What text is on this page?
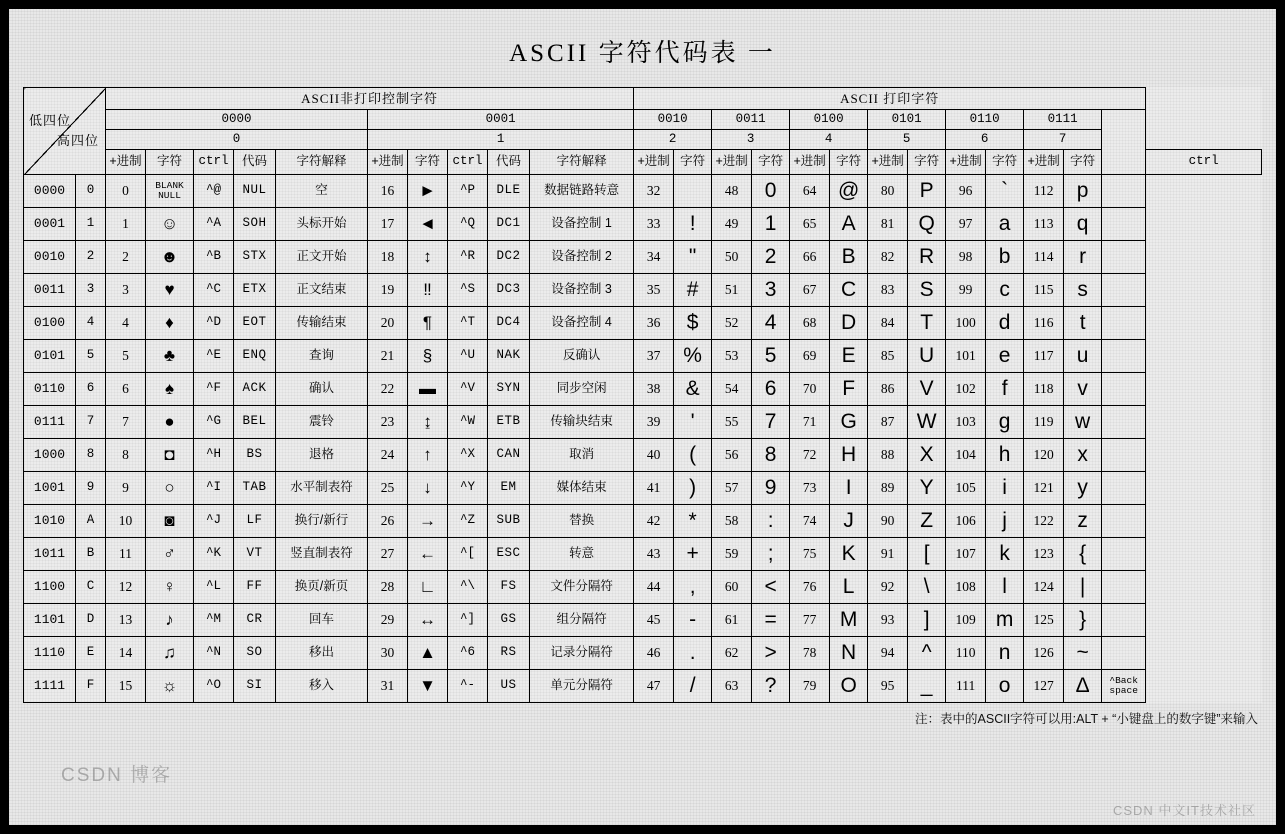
ASCII 字符代码表 一
高四位
低四位		ASCII非打印控制字符										ASCII 打印字符													
		0000					0001					0010		0011		0100		0101		0110		0111			
		0					1					2		3		4		5		6		7			
		+进制	字符	ctrl	代码	字符解释	+进制	字符	ctrl	代码	字符解释	+进制	字符	+进制	字符	+进制	字符	+进制	字符	+进制	字符	+进制	字符		ctrl
0000	0	0	BLANK
NULL	^@	NUL	空	16	►	^P	DLE	数据链路转意	32		48	0	64	@	80	P	96	`	112	p		
0001	1	1	☺	^A	SOH	头标开始	17	◄	^Q	DC1	设备控制 1	33	!	49	1	65	A	81	Q	97	a	113	q		
0010	2	2	☻	^B	STX	正文开始	18	↕	^R	DC2	设备控制 2	34	"	50	2	66	B	82	R	98	b	114	r		
0011	3	3	♥	^C	ETX	正文结束	19	‼	^S	DC3	设备控制 3	35	#	51	3	67	C	83	S	99	c	115	s		
0100	4	4	♦	^D	EOT	传输结束	20	¶	^T	DC4	设备控制 4	36	$	52	4	68	D	84	T	100	d	116	t		
0101	5	5	♣	^E	ENQ	查询	21	§	^U	NAK	反确认	37	%	53	5	69	E	85	U	101	e	117	u		
0110	6	6	♠	^F	ACK	确认	22	▬	^V	SYN	同步空闲	38	&	54	6	70	F	86	V	102	f	118	v		
0111	7	7	●	^G	BEL	震铃	23	↨	^W	ETB	传输块结束	39	'	55	7	71	G	87	W	103	g	119	w		
1000	8	8	◘	^H	BS	退格	24	↑	^X	CAN	取消	40	(	56	8	72	H	88	X	104	h	120	x		
1001	9	9	○	^I	TAB	水平制表符	25	↓	^Y	EM	媒体结束	41	)	57	9	73	I	89	Y	105	i	121	y		
1010	A	10	◙	^J	LF	换行/新行	26	→	^Z	SUB	替换	42	*	58	:	74	J	90	Z	106	j	122	z		
1011	B	11	♂	^K	VT	竖直制表符	27	←	^[	ESC	转意	43	+	59	;	75	K	91	[	107	k	123	{		
1100	C	12	♀	^L	FF	换页/新页	28	∟	^\	FS	文件分隔符	44	,	60	<	76	L	92	\	108	l	124	|		
1101	D	13	♪	^M	CR	回车	29	↔	^]	GS	组分隔符	45	-	61	=	77	M	93	]	109	m	125	}		
1110	E	14	♫	^N	SO	移出	30	▲	^6	RS	记录分隔符	46	.	62	>	78	N	94	^	110	n	126	~		
1111	F	15	☼	^O	SI	移入	31	▼	^-	US	单元分隔符	47	/	63	?	79	O	95	_	111	o	127	Δ	^Back
space	
注：表中的ASCII字符可以用:ALT + “小键盘上的数字键”来输入
CSDN 博客
CSDN 中文IT技术社区
